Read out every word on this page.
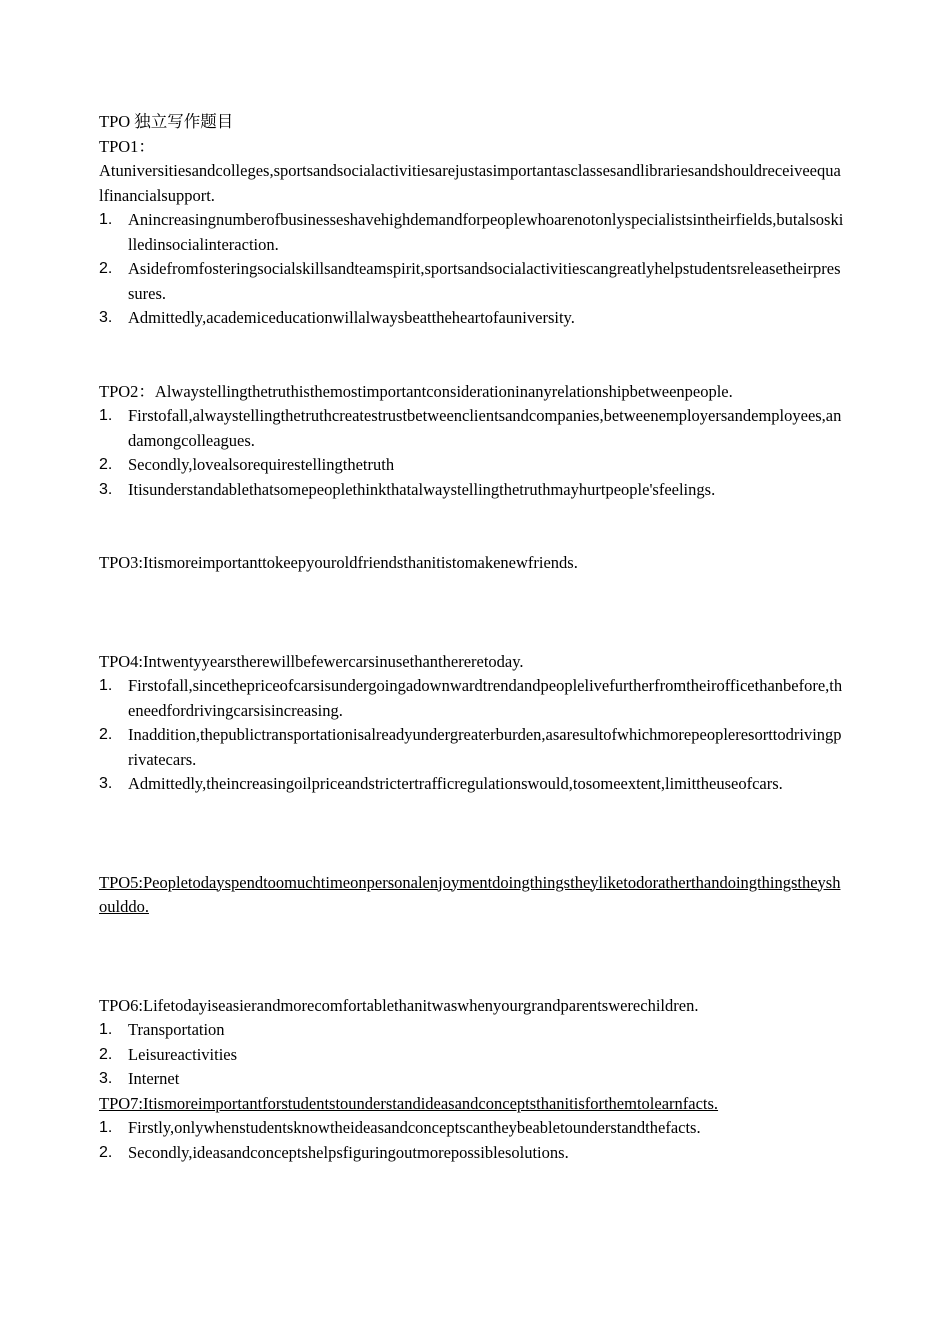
TPO 独立写作题目
TPO1：
Atuniversitiesandcolleges,sportsandsocialactivitiesarejustasimportantasclassesandlibrariesandshouldreceiveequalfinancialsupport.
1. Anincreasingnumberofbusinesseshavehighdemandforpeoplewhoarenotonlyspecialistsintheirfields,butalsoskilledinsocialinteraction.
2. Asidefromfosteringsocialskillsandteamspirit,sportsandsocialactivitiescangreatlyhelpstudentsreleasetheirpressures.
3. Admittedly,academiceducationwillalwaysbeattheheartofauniversity.
TPO2：Alwaystellingthetruthisthemostimportantconsiderationinanyrelationshipbetweenpeople.
1. Firstofall,alwaystellingthetruthcreatestrustbetweenclientsandcompanies,betweenemployersandemployees,andamongcolleagues.
2. Secondly,lovealsorequirestellingthetruth
3. Itisunderstandablethatsomepeoplethinkthatalwaystellingthetruthmayhurtpeople'sfeelings.
TPO3:Itismoreimportanttokeepyouroldfriendsthanitistomakenewfriends.
TPO4:Intwentyyearstherewillbefewercarsinusethanthereretoday.
1. Firstofall,sincethepriceofcarsisundergoingadownwardtrendandpeoplelivefurtherfromtheirofficethanbefore,theneedfordrivingcarsisincreasing.
2. Inaddition,thepublictransportationisalreadyundergreaterburden,asaresultofwhichmorepeopleresorttodrivingprivatecars.
3. Admittedly,theincreasingoilpriceandstrictertrafficregulationswould,tosomeextent,limittheuseofcars.
TPO5:Peopletodayspendtoomuchtimeonpersonalenjoymentdoingthingstheyliketodoratherthandoingthingstheyshoulddo.
TPO6:Lifetodayiseasierandmorecomfortablethanitwaswhenyourgrandparentswerechildren.
1. Transportation
2. Leisureactivities
3. Internet
TPO7:Itismoreimportantforstudentstounderstandideasandconceptsthanitisforthemtolearnfacts.
1. Firstly,onlywhenstudentsknowtheideasandconceptscantheybeabletounderstandthefacts.
2. Secondly,ideasandconceptshelpsfiguringoutmorepossiblesolutions.
